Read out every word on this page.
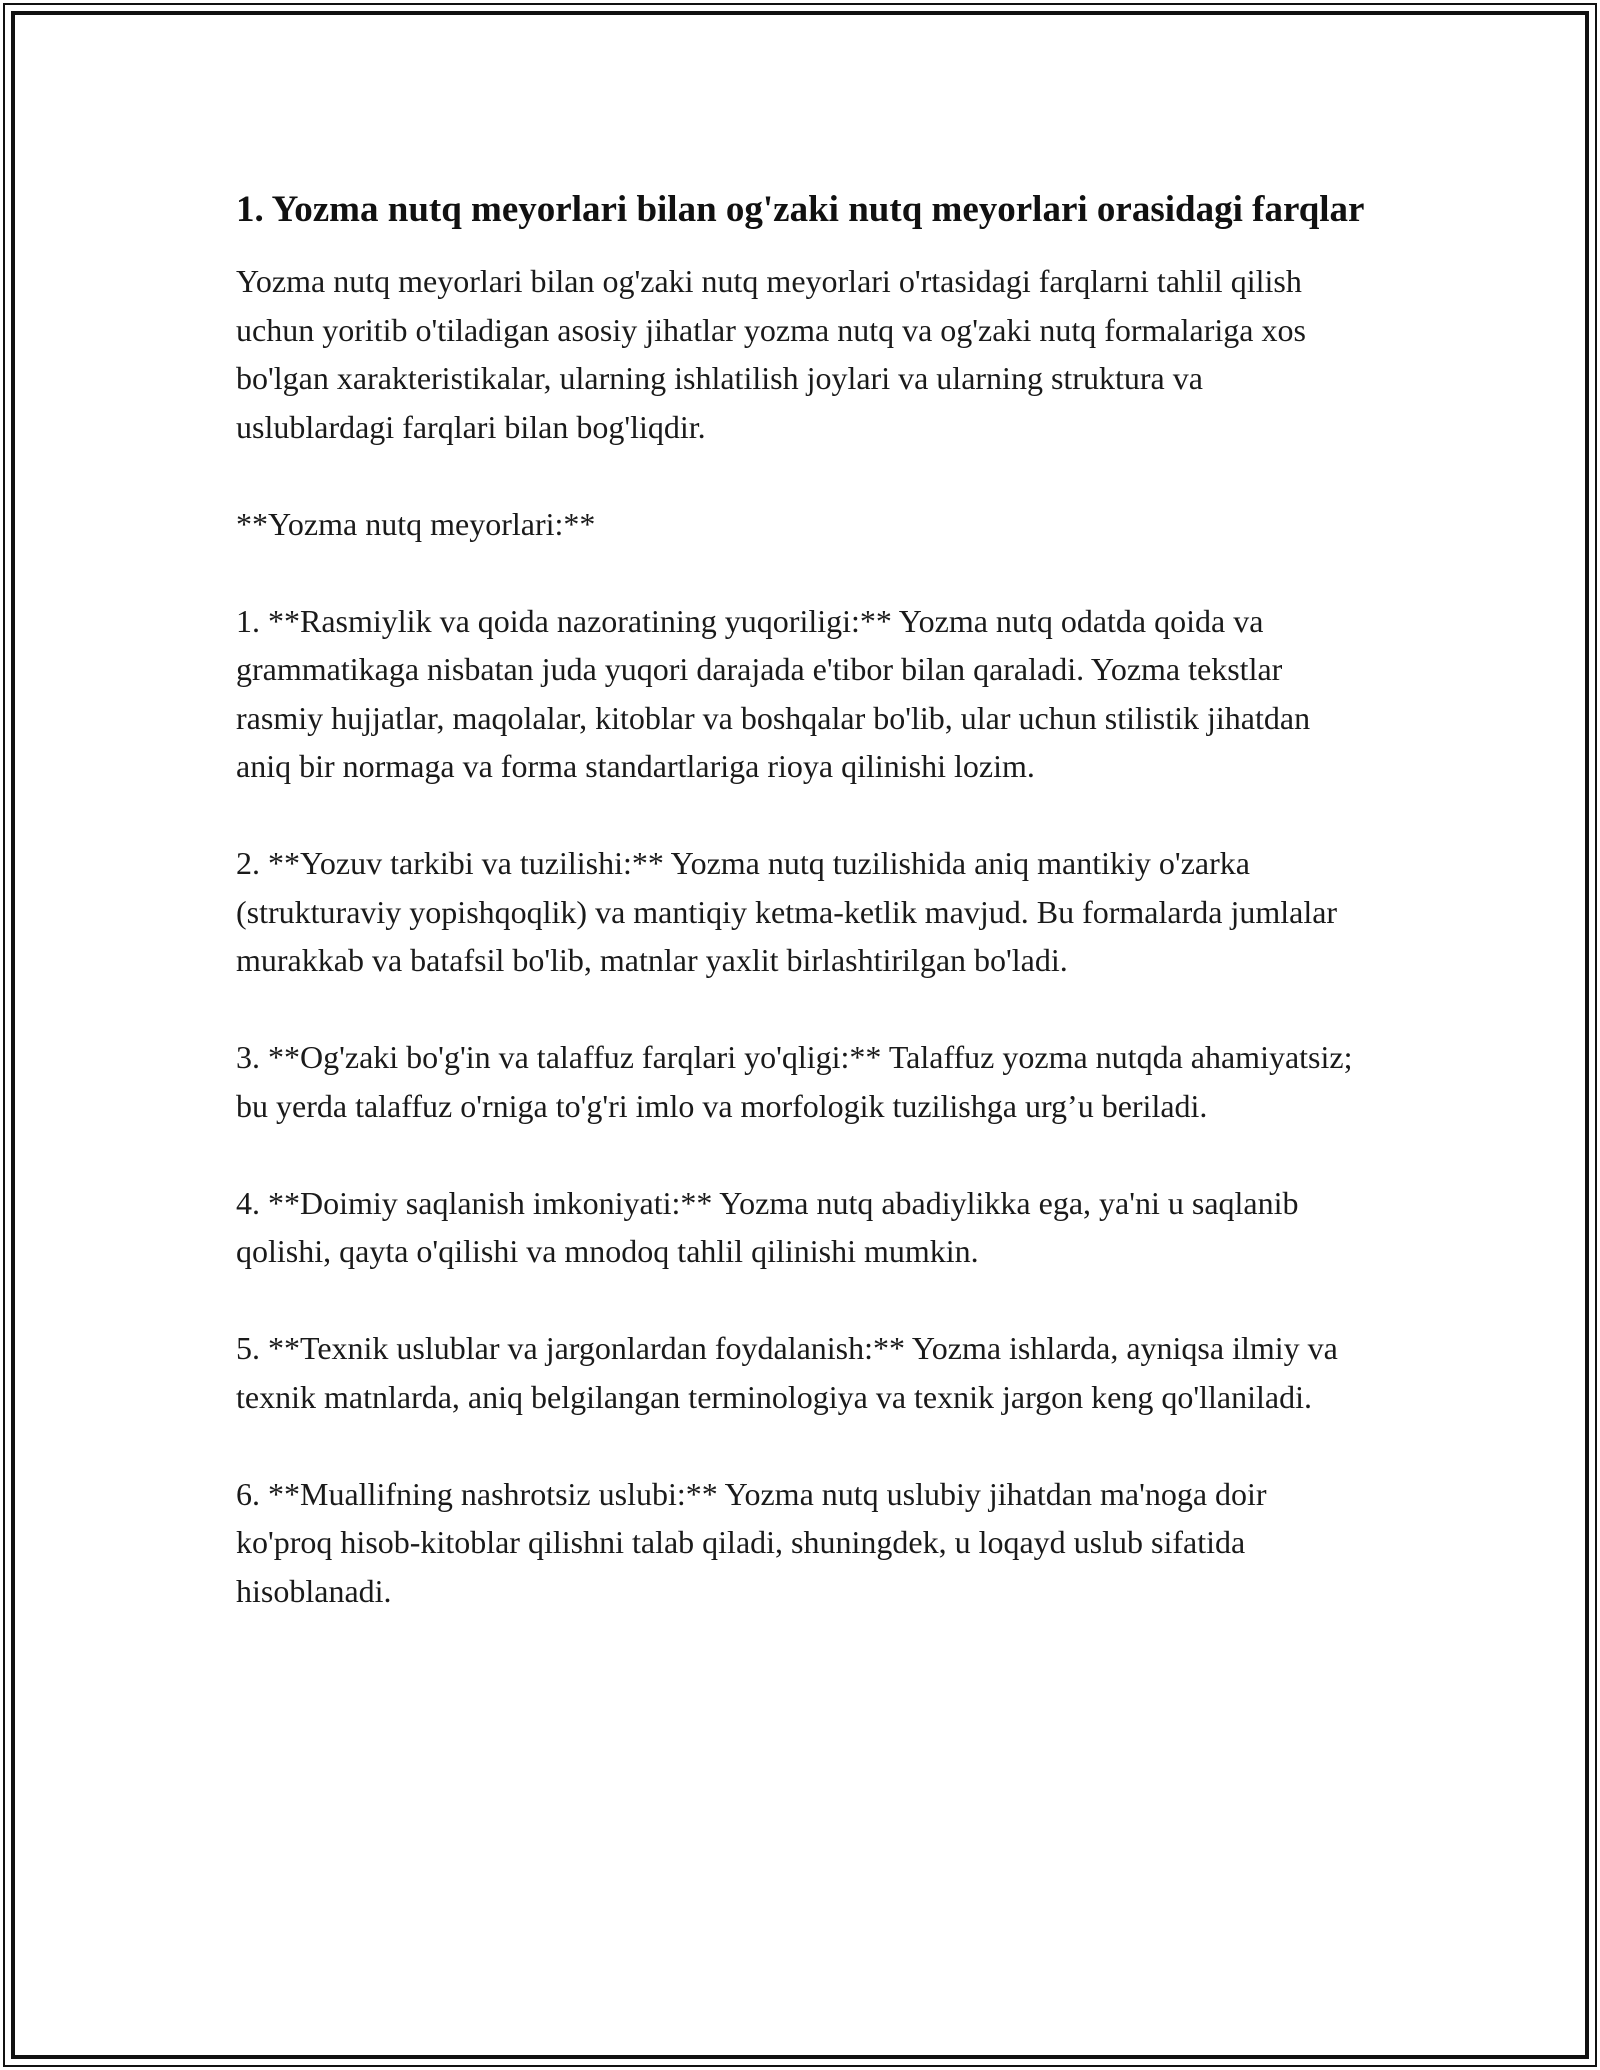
1. Yozma nutq meyorlari bilan og'zaki nutq meyorlari orasidagi farqlar

Yozma nutq meyorlari bilan og'zaki nutq meyorlari o'rtasidagi farqlarni tahlil qilish uchun yoritib o'tiladigan asosiy jihatlar yozma nutq va og'zaki nutq formalariga xos bo'lgan xarakteristikalar, ularning ishlatilish joylari va ularning struktura va uslublardagi farqlari bilan bog'liqdir.

**Yozma nutq meyorlari:**

1. **Rasmiylik va qoida nazoratining yuqoriligi:** Yozma nutq odatda qoida va grammatikaga nisbatan juda yuqori darajada e'tibor bilan qaraladi. Yozma tekstlar rasmiy hujjatlar, maqolalar, kitoblar va boshqalar bo'lib, ular uchun stilistik jihatdan aniq bir normaga va forma standartlariga rioya qilinishi lozim.

2. **Yozuv tarkibi va tuzilishi:** Yozma nutq tuzilishida aniq mantikiy o'zarka (strukturaviy yopishqoqlik) va mantiqiy ketma-ketlik mavjud. Bu formalarda jumlalar murakkab va batafsil bo'lib, matnlar yaxlit birlashtirilgan bo'ladi.

3. **Og'zaki bo'g'in va talaffuz farqlari yo'qligi:** Talaffuz yozma nutqda ahamiyatsiz; bu yerda talaffuz o'rniga to'g'ri imlo va morfologik tuzilishga urg’u beriladi.

4. **Doimiy saqlanish imkoniyati:** Yozma nutq abadiylikka ega, ya'ni u saqlanib qolishi, qayta o'qilishi va mnodoq tahlil qilinishi mumkin.

5. **Texnik uslublar va jargonlardan foydalanish:** Yozma ishlarda, ayniqsa ilmiy va texnik matnlarda, aniq belgilangan terminologiya va texnik jargon keng qo'llaniladi.

6. **Muallifning nashrotsiz uslubi:** Yozma nutq uslubiy jihatdan ma'noga doir ko'proq hisob-kitoblar qilishni talab qiladi, shuningdek, u loqayd uslub sifatida hisoblanadi.
